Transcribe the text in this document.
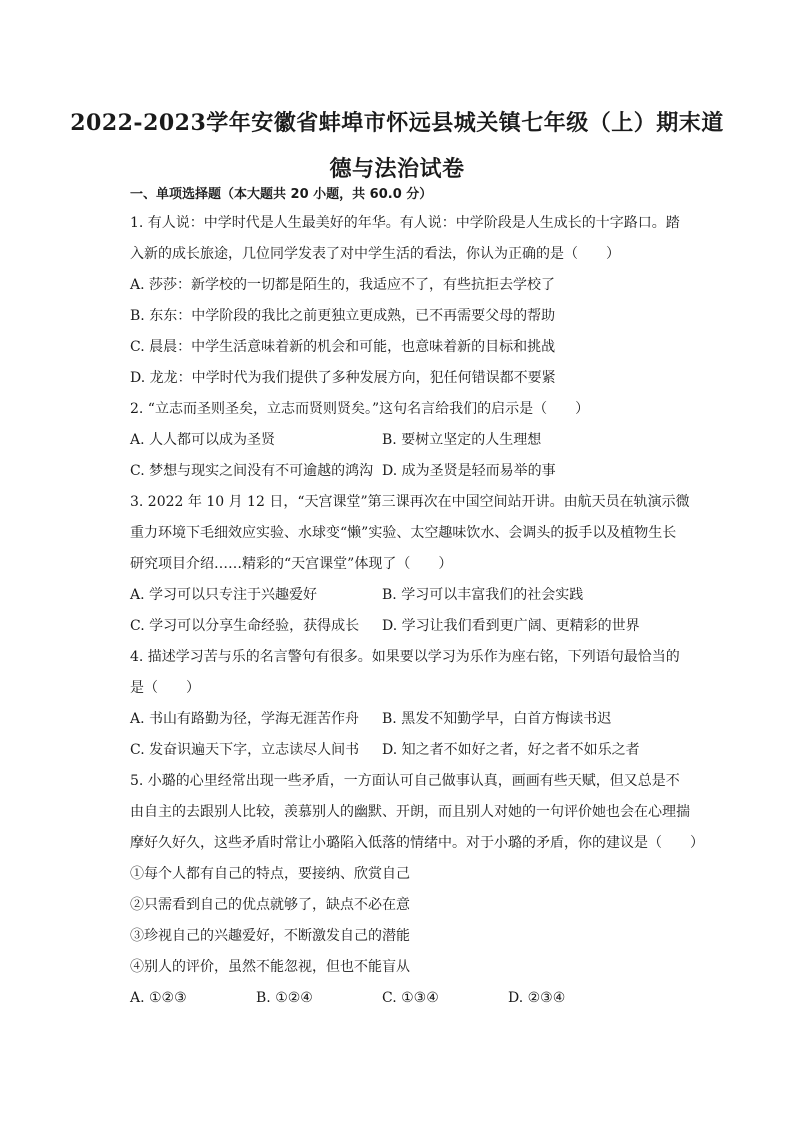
2022-2023学年安徽省蚌埠市怀远县城关镇七年级（上）期末道
德与法治试卷
一、单项选择题（本大题共 20 小题，共 60.0 分）
1. 有人说：中学时代是人生最美好的年华。有人说：中学阶段是人生成长的十字路口。踏
入新的成长旅途，几位同学发表了对中学生活的看法，你认为正确的是（　　）
A. 莎莎：新学校的一切都是陌生的，我适应不了，有些抗拒去学校了
B. 东东：中学阶段的我比之前更独立更成熟，已不再需要父母的帮助
C. 晨晨：中学生活意味着新的机会和可能，也意味着新的目标和挑战
D. 龙龙：中学时代为我们提供了多种发展方向，犯任何错误都不要紧
2. “立志而圣则圣矣，立志而贤则贤矣。”这句名言给我们的启示是（　　）
A. 人人都可以成为圣贤	B. 要树立坚定的人生理想
C. 梦想与现实之间没有不可逾越的鸿沟 D. 成为圣贤是轻而易举的事
3. 2022 年 10 月 12 日，“天宫课堂”第三课再次在中国空间站开讲。由航天员在轨演示微
重力环境下毛细效应实验、水球变“懒”实验、太空趣味饮水、会调头的扳手以及植物生长
研究项目介绍……精彩的“天宫课堂”体现了（　　）
A. 学习可以只专注于兴趣爱好	B. 学习可以丰富我们的社会实践
C. 学习可以分享生命经验，获得成长	D. 学习让我们看到更广阔、更精彩的世界
4. 描述学习苦与乐的名言警句有很多。如果要以学习为乐作为座右铭，下列语句最恰当的
是（　　）
A. 书山有路勤为径，学海无涯苦作舟	B. 黑发不知勤学早，白首方悔读书迟
C. 发奋识遍天下字，立志读尽人间书	D. 知之者不如好之者，好之者不如乐之者
5. 小璐的心里经常出现一些矛盾，一方面认可自己做事认真，画画有些天赋，但又总是不
由自主的去跟别人比较，羡慕别人的幽默、开朗，而且别人对她的一句评价她也会在心理揣
摩好久好久，这些矛盾时常让小璐陷入低落的情绪中。对于小璐的矛盾，你的建议是（　　）
①每个人都有自己的特点，要接纳、欣赏自己
②只需看到自己的优点就够了，缺点不必在意
③珍视自己的兴趣爱好，不断激发自己的潜能
④别人的评价，虽然不能忽视，但也不能盲从
A. ①②③	B. ①②④	C. ①③④	D. ②③④
